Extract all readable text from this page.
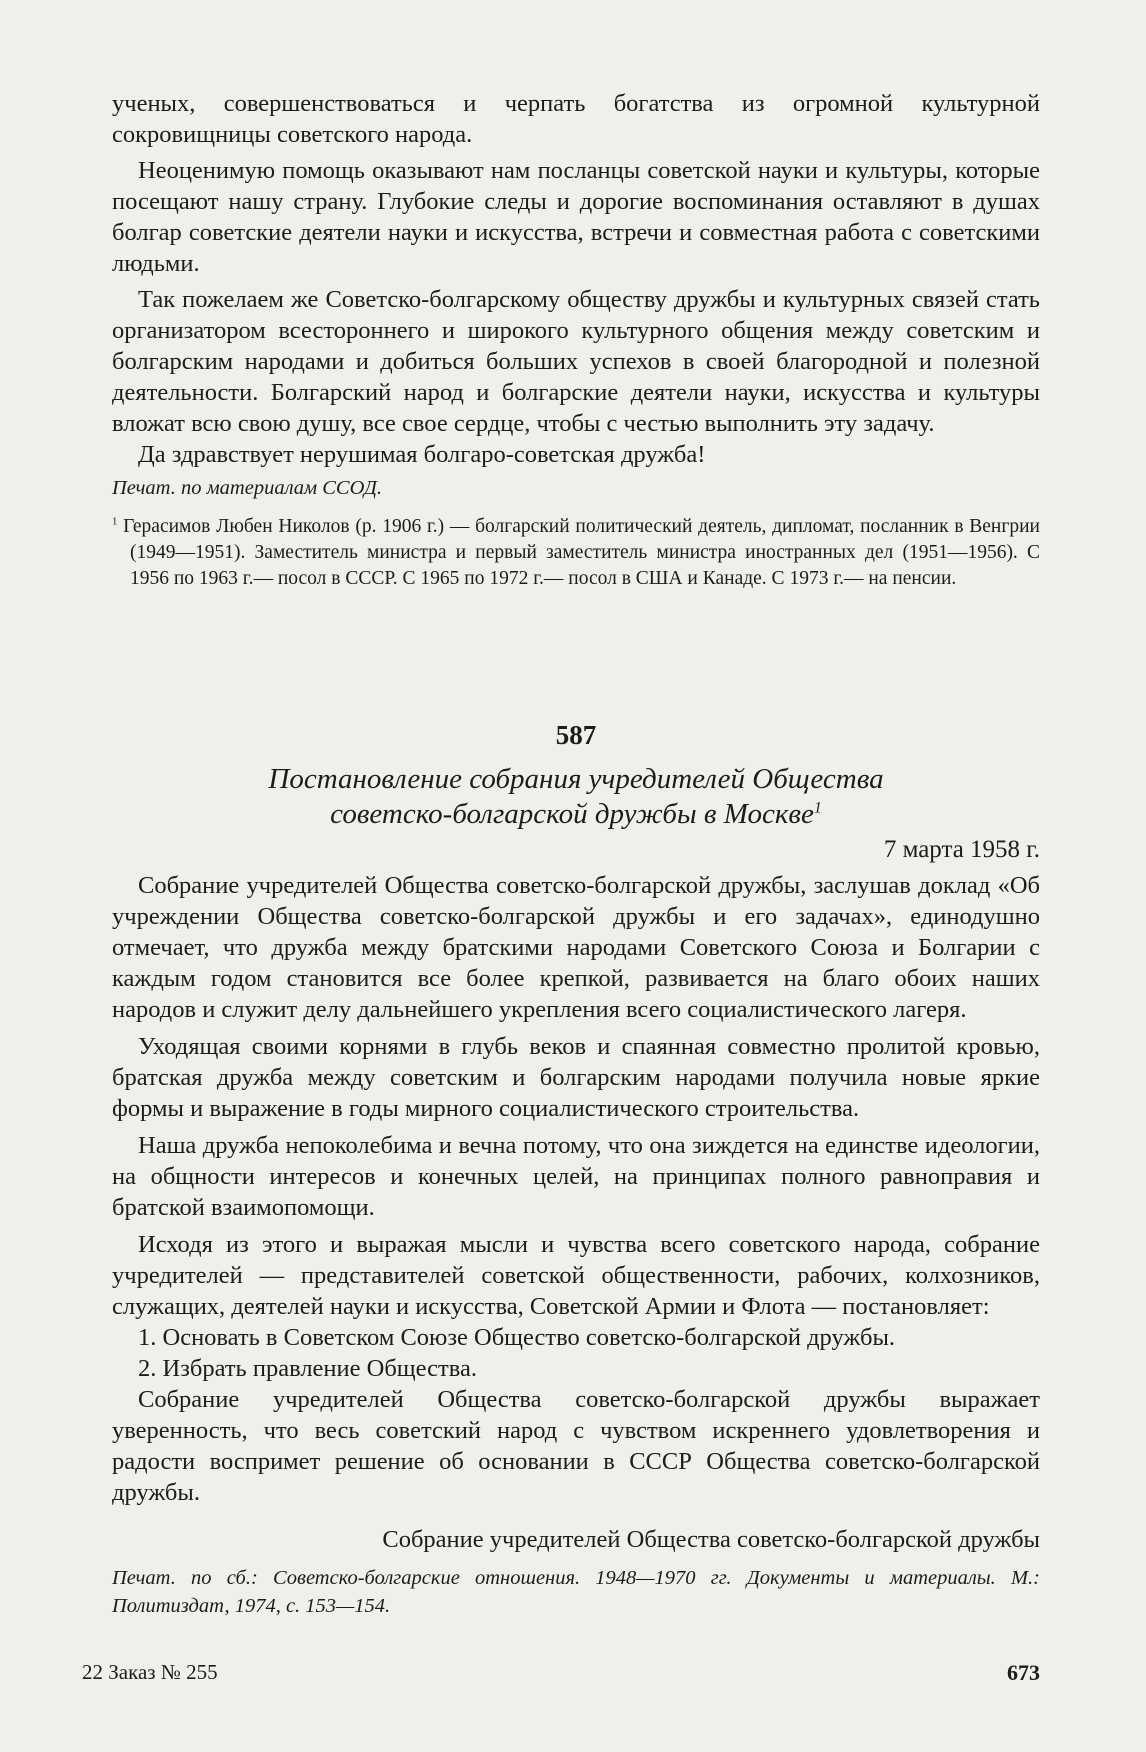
ученых, совершенствоваться и черпать богатства из огромной культурной сокровищницы советского народа.

Неоценимую помощь оказывают нам посланцы советской науки и культуры, которые посещают нашу страну. Глубокие следы и дорогие воспоминания оставляют в душах болгар советские деятели науки и искусства, встречи и совместная работа с советскими людьми.

Так пожелаем же Советско-болгарскому обществу дружбы и культурных связей стать организатором всестороннего и широкого культурного общения между советским и болгарским народами и добиться больших успехов в своей благородной и полезной деятельности. Болгарский народ и болгарские деятели науки, искусства и культуры вложат всю свою душу, все свое сердце, чтобы с честью выполнить эту задачу.

Да здравствует нерушимая болгаро-советская дружба!

Печат. по материалам ССОД.

$^1$ Герасимов Любен Николов (р. 1906 г.) — болгарский политический деятель, дипломат, посланник в Венгрии (1949—1951). Заместитель министра и первый заместитель министра иностранных дел (1951—1956). С 1956 по 1963 г.— посол в СССР. С 1965 по 1972 г.— посол в США и Канаде. С 1973 г.— на пенсии.

587

Постановление собрания учредителей Общества

советско-болгарской дружбы в Москве$^1$

7 марта 1958 г.

Собрание учредителей Общества советско-болгарской дружбы, заслушав доклад «Об учреждении Общества советско-болгарской дружбы и его задачах», единодушно отмечает, что дружба между братскими народами Советского Союза и Болгарии с каждым годом становится все более крепкой, развивается на благо обоих наших народов и служит делу дальнейшего укрепления всего социалистического лагеря.

Уходящая своими корнями в глубь веков и спаянная совместно пролитой кровью, братская дружба между советским и болгарским народами получила новые яркие формы и выражение в годы мирного социалистического строительства.

Наша дружба непоколебима и вечна потому, что она зиждется на единстве идеологии, на общности интересов и конечных целей, на принципах полного равноправия и братской взаимопомощи.

Исходя из этого и выражая мысли и чувства всего советского народа, собрание учредителей — представителей советской общественности, рабочих, колхозников, служащих, деятелей науки и искусства, Советской Армии и Флота — постановляет:

1. Основать в Советском Союзе Общество советско-болгарской дружбы.

2. Избрать правление Общества.

Собрание учредителей Общества советско-болгарской дружбы выражает уверенность, что весь советский народ с чувством искреннего удовлетворения и радости воспримет решение об основании в СССР Общества советско-болгарской дружбы.

Собрание учредителей Общества советско-болгарской дружбы

Печат. по сб.: Советско-болгарские отношения. 1948—1970 гг. Документы и материалы. М.: Политиздат, 1974, с. 153—154.

22 Заказ № 255	673
